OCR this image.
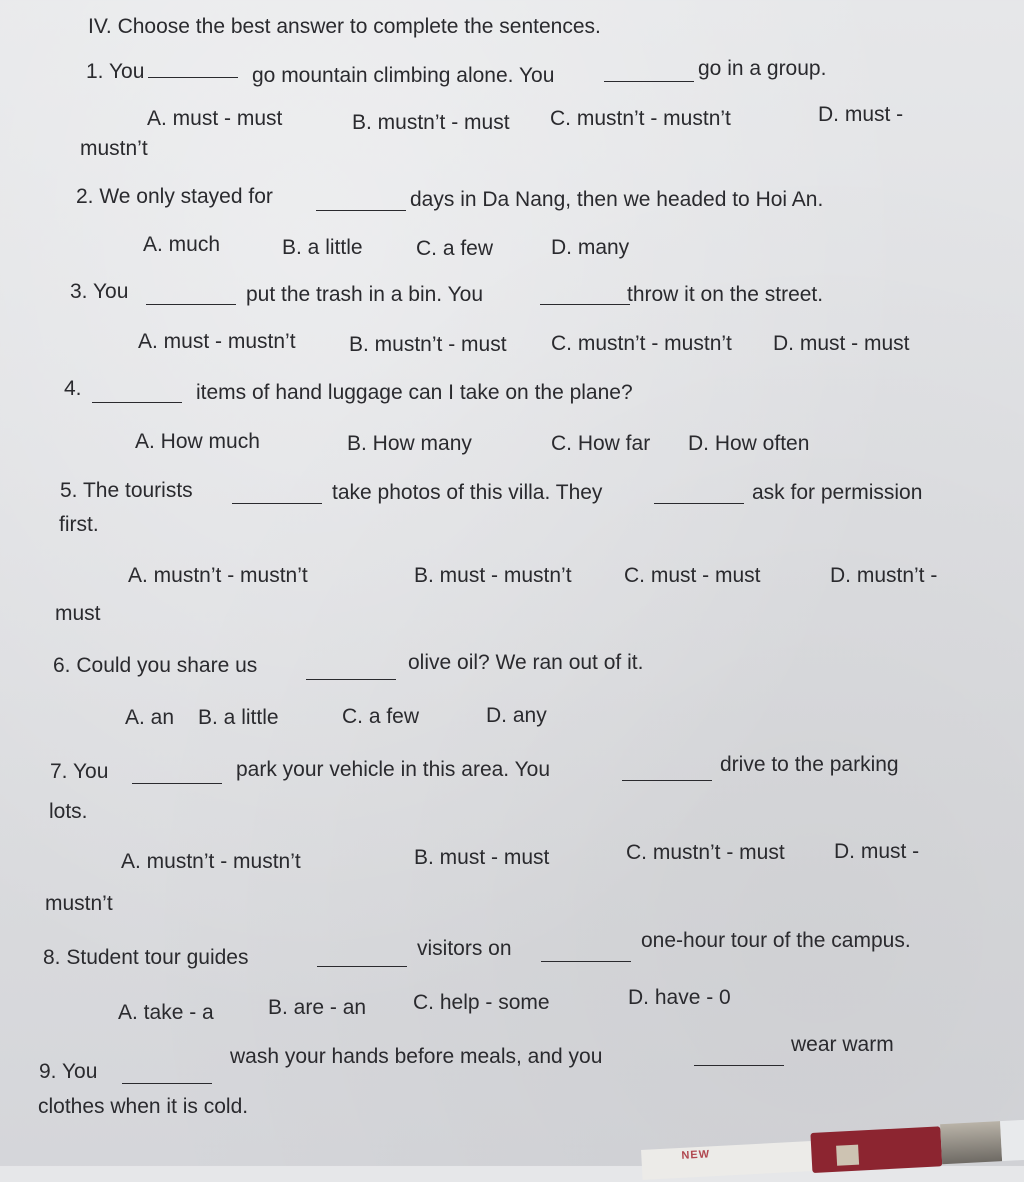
IV. Choose the best answer to complete the sentences.
1. You	go mountain climbing alone. You	go in a group.
A. must - must	B. mustn’t - must C. mustn’t - mustn’t	D. must -
mustn’t
2. We only stayed for	days in Da Nang, then we headed to Hoi An.
A. much	B. a little	C. a few	D. many
3. You	put the trash in a bin. You	throw it on the street.
A. must - mustn’t	B. mustn’t - must C. mustn’t - mustn’t D. must - must
4.	items of hand luggage can I take on the plane?
A. How much	B. How many	C. How far D. How often
5. The tourists	take photos of this villa. They	ask for permission
first.
A. mustn’t - mustn’t	B. must - mustn’t C. must - must	D. mustn’t -
must
6. Could you share us	olive oil? We ran out of it.
A. an B. a little	C. a few	D. any
7. You	park your vehicle in this area. You	drive to the parking
lots.
A. mustn’t - mustn’t	B. must - must	C. mustn’t - must D. must -
mustn’t
8. Student tour guides	visitors on	one-hour tour of the campus.
A. take - a	B. are - an C. help - some	D. have - 0
9. You
wash your hands before meals, and you
wear warm
clothes when it is cold.
NEW
